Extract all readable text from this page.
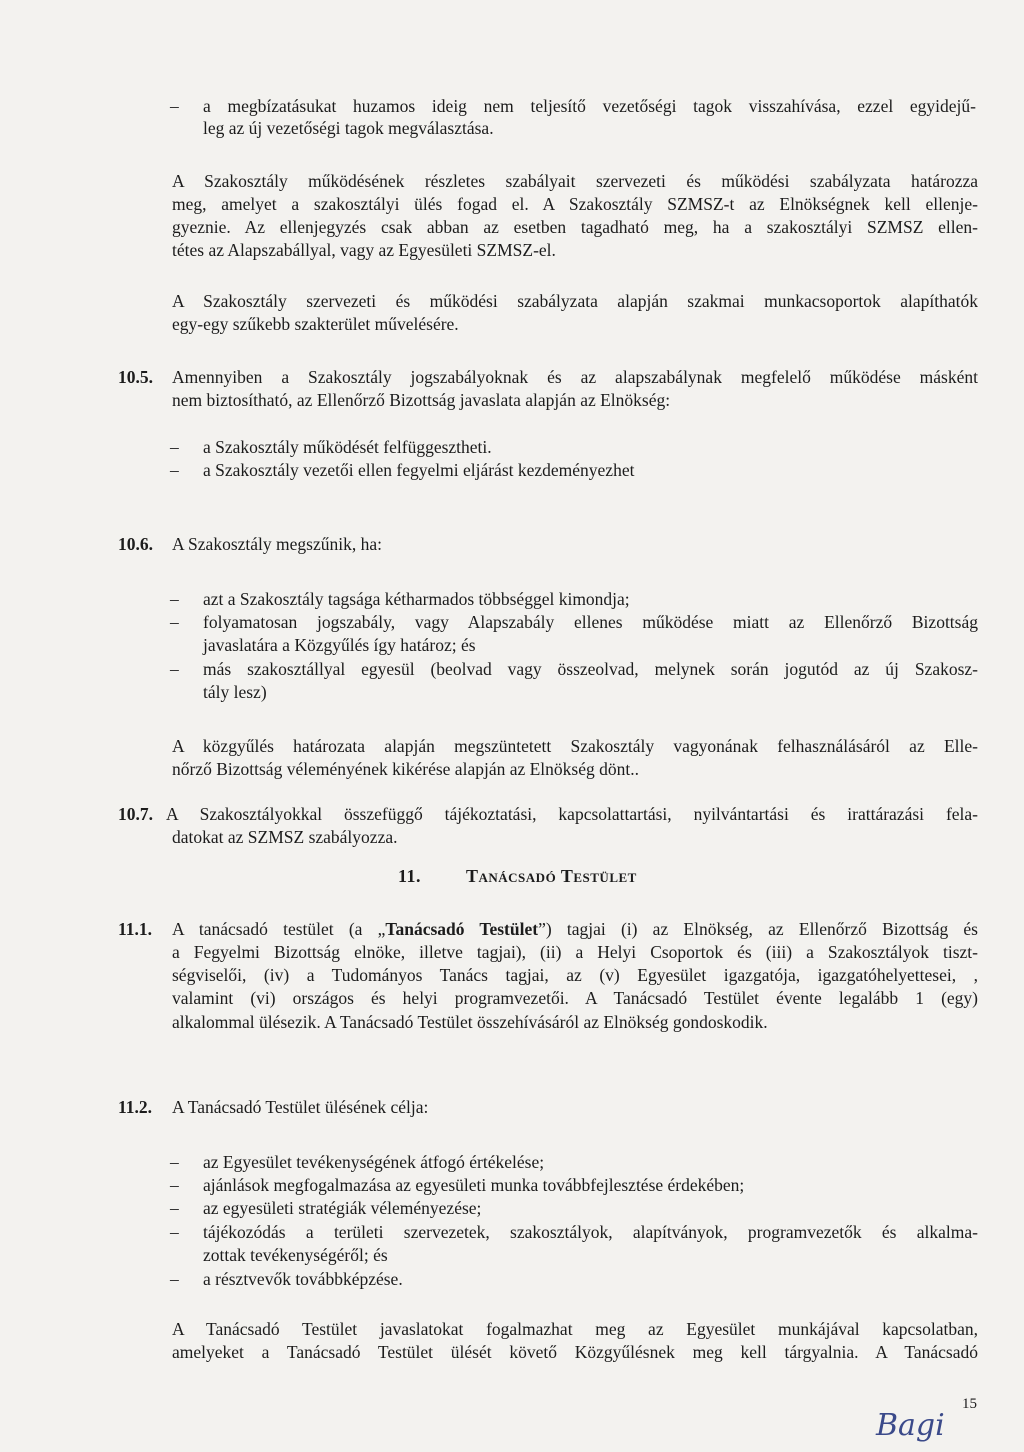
– a megbízatásukat huzamos ideig nem teljesítő vezetőségi tagok visszahívása, ezzel egyidejű-
leg az új vezetőségi tagok megválasztása.
A Szakosztály működésének részletes szabályait szervezeti és működési szabályzata határozza
meg, amelyet a szakosztályi ülés fogad el. A Szakosztály SZMSZ-t az Elnökségnek kell ellenje-
gyeznie. Az ellenjegyzés csak abban az esetben tagadható meg, ha a szakosztályi SZMSZ ellen-
tétes az Alapszabállyal, vagy az Egyesületi SZMSZ-el.
A Szakosztály szervezeti és működési szabályzata alapján szakmai munkacsoportok alapíthatók
egy-egy szűkebb szakterület művelésére.
10.5. Amennyiben a Szakosztály jogszabályoknak és az alapszabálynak megfelelő működése másként
nem biztosítható, az Ellenőrző Bizottság javaslata alapján az Elnökség:
– a Szakosztály működését felfüggesztheti.
– a Szakosztály vezetői ellen fegyelmi eljárást kezdeményezhet
10.6. A Szakosztály megszűnik, ha:
– azt a Szakosztály tagsága kétharmados többséggel kimondja;
– folyamatosan jogszabály, vagy Alapszabály ellenes működése miatt az Ellenőrző Bizottság
javaslatára a Közgyűlés így határoz; és
– más szakosztállyal egyesül (beolvad vagy összeolvad, melynek során jogutód az új Szakosz-
tály lesz)
A közgyűlés határozata alapján megszüntetett Szakosztály vagyonának felhasználásáról az Elle-
nőrző Bizottság véleményének kikérése alapján az Elnökség dönt..
10.7. A Szakosztályokkal összefüggő tájékoztatási, kapcsolattartási, nyilvántartási és irattárazási fela-
datokat az SZMSZ szabályozza.
11. Tanácsadó Testület
11.1. A tanácsadó testület (a „Tanácsadó Testület”) tagjai (i) az Elnökség, az Ellenőrző Bizottság és
a Fegyelmi Bizottság elnöke, illetve tagjai), (ii) a Helyi Csoportok és (iii) a Szakosztályok tiszt-
ségviselői, (iv) a Tudományos Tanács tagjai, az (v) Egyesület igazgatója, igazgatóhelyettesei, ,
valamint (vi) országos és helyi programvezetői. A Tanácsadó Testület évente legalább 1 (egy)
alkalommal ülésezik. A Tanácsadó Testület összehívásáról az Elnökség gondoskodik.
11.2. A Tanácsadó Testület ülésének célja:
– az Egyesület tevékenységének átfogó értékelése;
– ajánlások megfogalmazása az egyesületi munka továbbfejlesztése érdekében;
– az egyesületi stratégiák véleményezése;
– tájékozódás a területi szervezetek, szakosztályok, alapítványok, programvezetők és alkalma-
zottak tevékenységéről; és
– a résztvevők továbbképzése.
A Tanácsadó Testület javaslatokat fogalmazhat meg az Egyesület munkájával kapcsolatban,
amelyeket a Tanácsadó Testület ülését követő Közgyűlésnek meg kell tárgyalnia. A Tanácsadó
15
Bagi
